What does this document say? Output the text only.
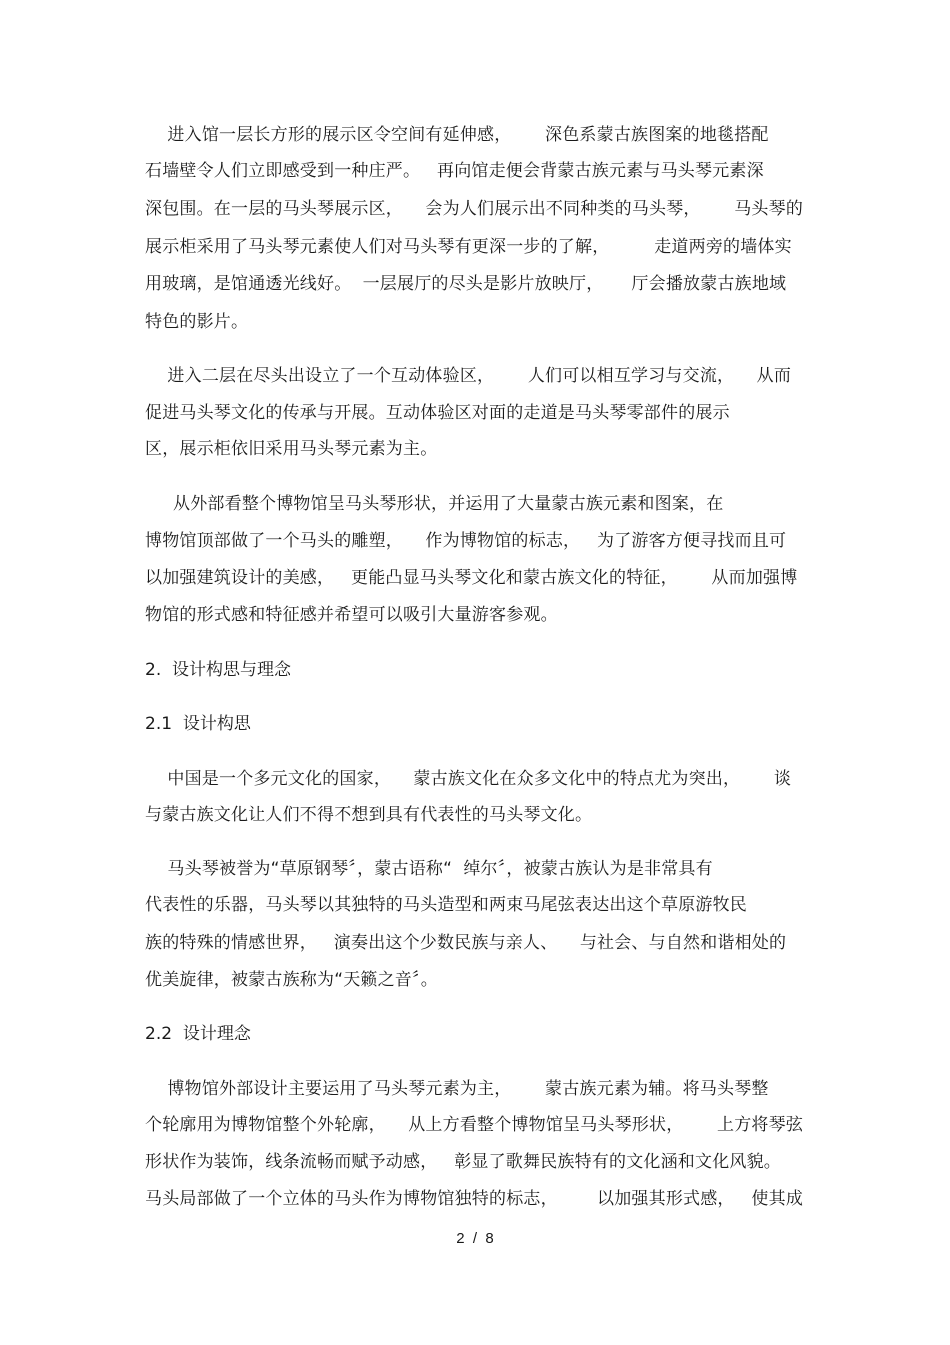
进入馆一层长方形的展示区令空间有延伸感，      深色系蒙古族图案的地毯搭配
石墙壁令人们立即感受到一种庄严。   再向馆走便会背蒙古族元素与马头琴元素深
深包围。在一层的马头琴展示区，    会为人们展示出不同种类的马头琴，      马头琴的
展示柜采用了马头琴元素使人们对马头琴有更深一步的了解，        走道两旁的墙体实
用玻璃，是馆通透光线好。  一层展厅的尽头是影片放映厅，     厅会播放蒙古族地域
特色的影片。
进入二层在尽头出设立了一个互动体验区，      人们可以相互学习与交流，    从而
促进马头琴文化的传承与开展。互动体验区对面的走道是马头琴零部件的展示
区，展示柜依旧采用马头琴元素为主。
从外部看整个博物馆呈马头琴形状，并运用了大量蒙古族元素和图案，在
博物馆顶部做了一个马头的雕塑，    作为博物馆的标志，   为了游客方便寻找而且可
以加强建筑设计的美感，   更能凸显马头琴文化和蒙古族文化的特征，      从而加强博
物馆的形式感和特征感并希望可以吸引大量游客参观。
2.  设计构思与理念
2.1  设计构思
中国是一个多元文化的国家，    蒙古族文化在众多文化中的特点尤为突出，      谈
与蒙古族文化让人们不得不想到具有代表性的马头琴文化。
马头琴被誉为“草原钢琴〞，蒙古语称“  绰尔〞，被蒙古族认为是非常具有
代表性的乐器，马头琴以其独特的马头造型和两束马尾弦表达出这个草原游牧民
族的特殊的情感世界，   演奏出这个少数民族与亲人、    与社会、与自然和谐相处的
优美旋律，被蒙古族称为“天籁之音〞。
2.2  设计理念
博物馆外部设计主要运用了马头琴元素为主，      蒙古族元素为辅。将马头琴整
个轮廓用为博物馆整个外轮廓，    从上方看整个博物馆呈马头琴形状，      上方将琴弦
形状作为装饰，线条流畅而赋予动感，   彰显了歌舞民族特有的文化涵和文化风貌。
马头局部做了一个立体的马头作为博物馆独特的标志，       以加强其形式感，   使其成
2  /  8
